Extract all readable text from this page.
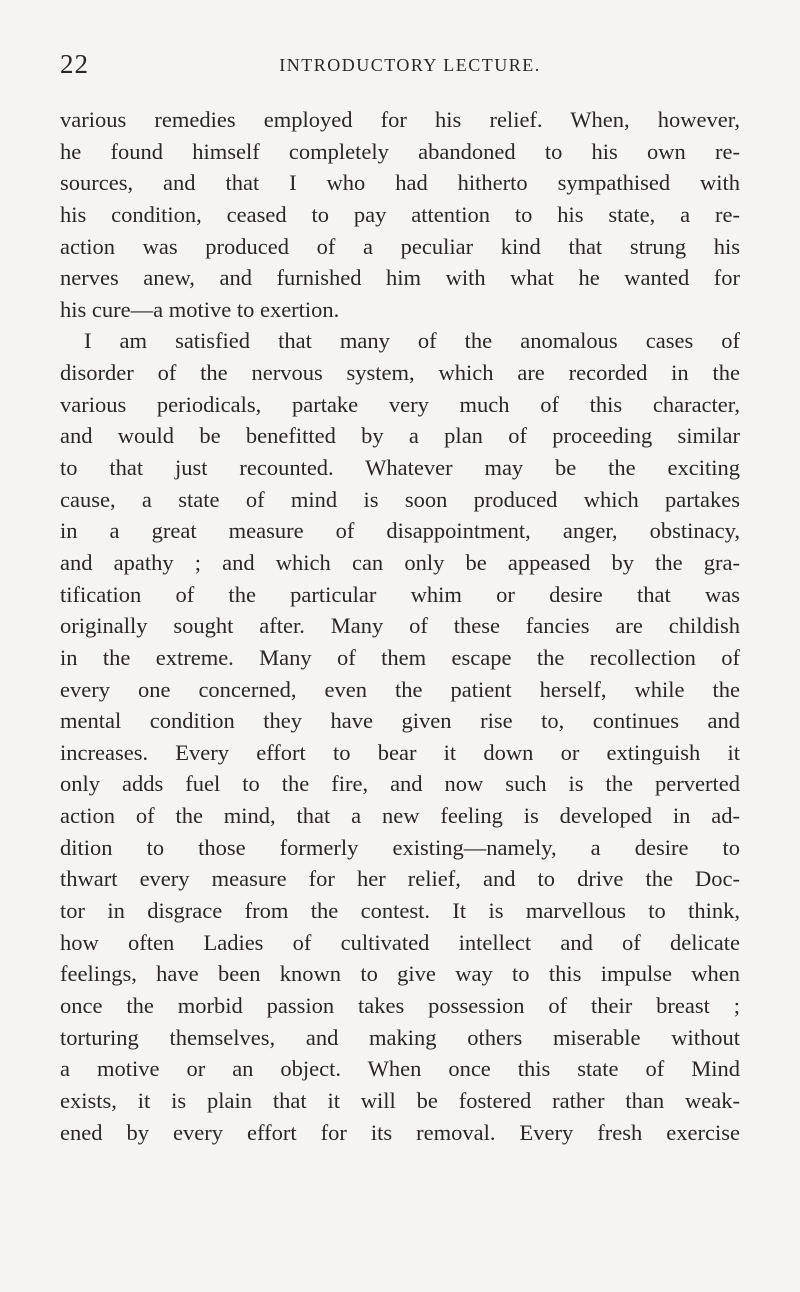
22	INTRODUCTORY LECTURE.
various remedies employed for his relief. When, however,
he found himself completely abandoned to his own re-
sources, and that I who had hitherto sympathised with
his condition, ceased to pay attention to his state, a re-
action was produced of a peculiar kind that strung his
nerves anew, and furnished him with what he wanted for
his cure—a motive to exertion.
I am satisfied that many of the anomalous cases of
disorder of the nervous system, which are recorded in the
various periodicals, partake very much of this character,
and would be benefitted by a plan of proceeding similar
to that just recounted. Whatever may be the exciting
cause, a state of mind is soon produced which partakes
in a great measure of disappointment, anger, obstinacy,
and apathy ; and which can only be appeased by the gra-
tification of the particular whim or desire that was
originally sought after. Many of these fancies are childish
in the extreme. Many of them escape the recollection of
every one concerned, even the patient herself, while the
mental condition they have given rise to, continues and
increases. Every effort to bear it down or extinguish it
only adds fuel to the fire, and now such is the perverted
action of the mind, that a new feeling is developed in ad-
dition to those formerly existing—namely, a desire to
thwart every measure for her relief, and to drive the Doc-
tor in disgrace from the contest. It is marvellous to think,
how often Ladies of cultivated intellect and of delicate
feelings, have been known to give way to this impulse when
once the morbid passion takes possession of their breast ;
torturing themselves, and making others miserable without
a motive or an object. When once this state of Mind
exists, it is plain that it will be fostered rather than weak-
ened by every effort for its removal. Every fresh exercise
